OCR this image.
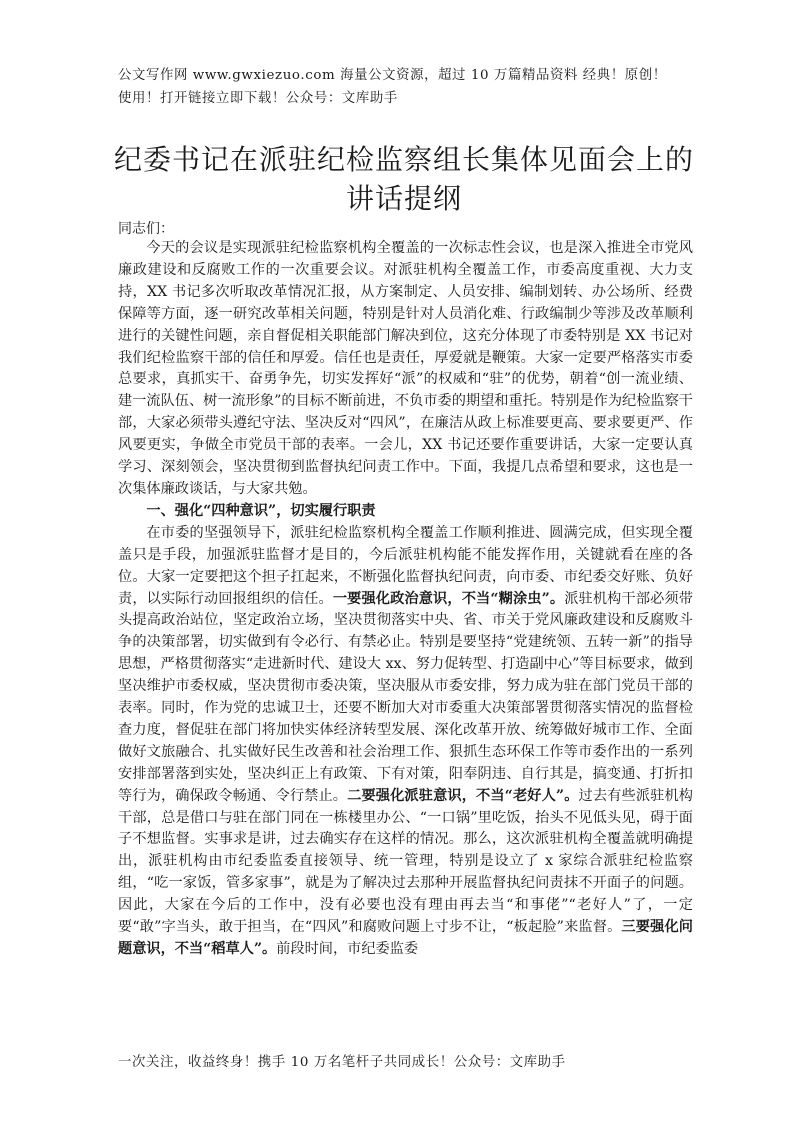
公文写作网 www.gwxiezuo.com 海量公文资源，超过 10 万篇精品资料 经典！原创！
使用！打开链接立即下载！公众号：文库助手
纪委书记在派驻纪检监察组长集体见面会上的
讲话提纲
同志们：

今天的会议是实现派驻纪检监察机构全覆盖的一次标志性会议，也是深入推进全市党风廉政建设和反腐败工作的一次重要会议。对派驻机构全覆盖工作，市委高度重视、大力支持，XX 书记多次听取改革情况汇报，从方案制定、人员安排、编制划转、办公场所、经费保障等方面，逐一研究改革相关问题，特别是针对人员消化难、行政编制少等涉及改革顺利进行的关键性问题，亲自督促相关职能部门解决到位，这充分体现了市委特别是 XX 书记对我们纪检监察干部的信任和厚爱。信任也是责任，厚爱就是鞭策。大家一定要严格落实市委总要求，真抓实干、奋勇争先，切实发挥好“派”的权威和“驻”的优势，朝着“创一流业绩、建一流队伍、树一流形象”的目标不断前进，不负市委的期望和重托。特别是作为纪检监察干部，大家必须带头遵纪守法、坚决反对“四风”，在廉洁从政上标准要更高、要求要更严、作风要更实，争做全市党员干部的表率。一会儿，XX 书记还要作重要讲话，大家一定要认真学习、深刻领会，坚决贯彻到监督执纪问责工作中。下面，我提几点希望和要求，这也是一次集体廉政谈话，与大家共勉。

一、强化“四种意识”，切实履行职责

在市委的坚强领导下，派驻纪检监察机构全覆盖工作顺利推进、圆满完成，但实现全覆盖只是手段，加强派驻监督才是目的，今后派驻机构能不能发挥作用，关键就看在座的各位。大家一定要把这个担子扛起来，不断强化监督执纪问责，向市委、市纪委交好账、负好责，以实际行动回报组织的信任。一要强化政治意识，不当“糊涂虫”。派驻机构干部必须带头提高政治站位，坚定政治立场，坚决贯彻落实中央、省、市关于党风廉政建设和反腐败斗争的决策部署，切实做到有令必行、有禁必止。特别是要坚持“党建统领、五转一新”的指导思想，严格贯彻落实“走进新时代、建设大 xx、努力促转型、打造副中心”等目标要求，做到坚决维护市委权威，坚决贯彻市委决策，坚决服从市委安排，努力成为驻在部门党员干部的表率。同时，作为党的忠诚卫士，还要不断加大对市委重大决策部署贯彻落实情况的监督检查力度，督促驻在部门将加快实体经济转型发展、深化改革开放、统筹做好城市工作、全面做好文旅融合、扎实做好民生改善和社会治理工作、狠抓生态环保工作等市委作出的一系列安排部署落到实处，坚决纠正上有政策、下有对策，阳奉阴违、自行其是，搞变通、打折扣等行为，确保政令畅通、令行禁止。二要强化派驻意识，不当“老好人”。过去有些派驻机构干部，总是借口与驻在部门同在一栋楼里办公、“一口锅”里吃饭，抬头不见低头见，碍于面子不想监督。实事求是讲，过去确实存在这样的情况。那么，这次派驻机构全覆盖就明确提出，派驻机构由市纪委监委直接领导、统一管理，特别是设立了 x 家综合派驻纪检监察组，“吃一家饭，管多家事”，就是为了解决过去那种开展监督执纪问责抹不开面子的问题。因此，大家在今后的工作中，没有必要也没有理由再去当“和事佬”“老好人”了，一定要“敢”字当头，敢于担当，在“四风”和腐败问题上寸步不让，“板起脸”来监督。三要强化问题意识，不当“稻草人”。前段时间，市纪委监委

一次关注，收益终身！携手 10 万名笔杆子共同成长！公众号：文库助手
